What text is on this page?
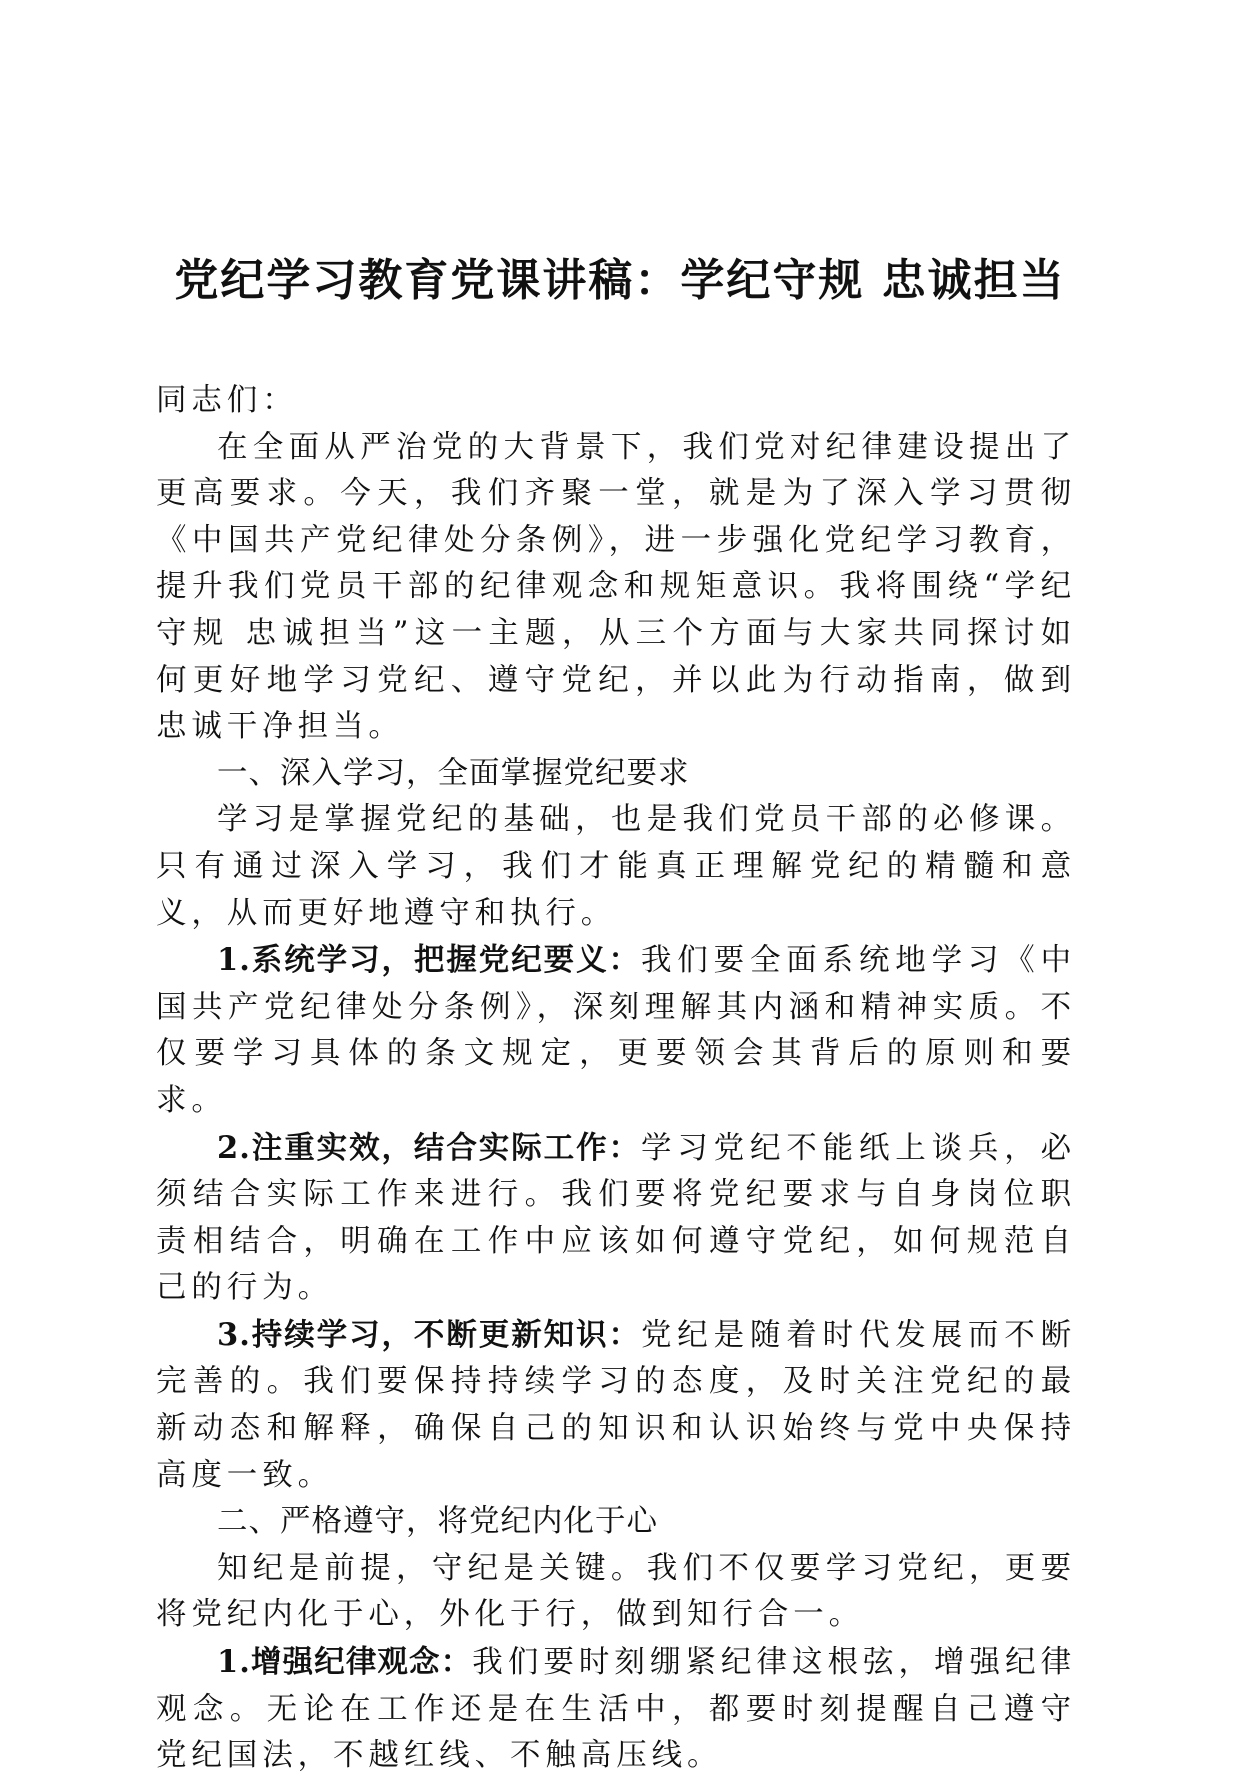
党纪学习教育党课讲稿：学纪守规 忠诚担当

同志们：

在全面从严治党的大背景下，我们党对纪律建设提出了更高要求。今天，我们齐聚一堂，就是为了深入学习贯彻《中国共产党纪律处分条例》，进一步强化党纪学习教育，提升我们党员干部的纪律观念和规矩意识。我将围绕“学纪守规 忠诚担当”这一主题，从三个方面与大家共同探讨如何更好地学习党纪、遵守党纪，并以此为行动指南，做到忠诚干净担当。

一、深入学习，全面掌握党纪要求

学习是掌握党纪的基础，也是我们党员干部的必修课。只有通过深入学习，我们才能真正理解党纪的精髓和意义，从而更好地遵守和执行。

1.系统学习，把握党纪要义：我们要全面系统地学习《中国共产党纪律处分条例》，深刻理解其内涵和精神实质。不仅要学习具体的条文规定，更要领会其背后的原则和要求。

2.注重实效，结合实际工作：学习党纪不能纸上谈兵，必须结合实际工作来进行。我们要将党纪要求与自身岗位职责相结合，明确在工作中应该如何遵守党纪，如何规范自己的行为。

3.持续学习，不断更新知识：党纪是随着时代发展而不断完善的。我们要保持持续学习的态度，及时关注党纪的最新动态和解释，确保自己的知识和认识始终与党中央保持高度一致。

二、严格遵守，将党纪内化于心

知纪是前提，守纪是关键。我们不仅要学习党纪，更要将党纪内化于心，外化于行，做到知行合一。

1.增强纪律观念：我们要时刻绷紧纪律这根弦，增强纪律观念。无论在工作还是在生活中，都要时刻提醒自己遵守党纪国法，不越红线、不触高压线。
